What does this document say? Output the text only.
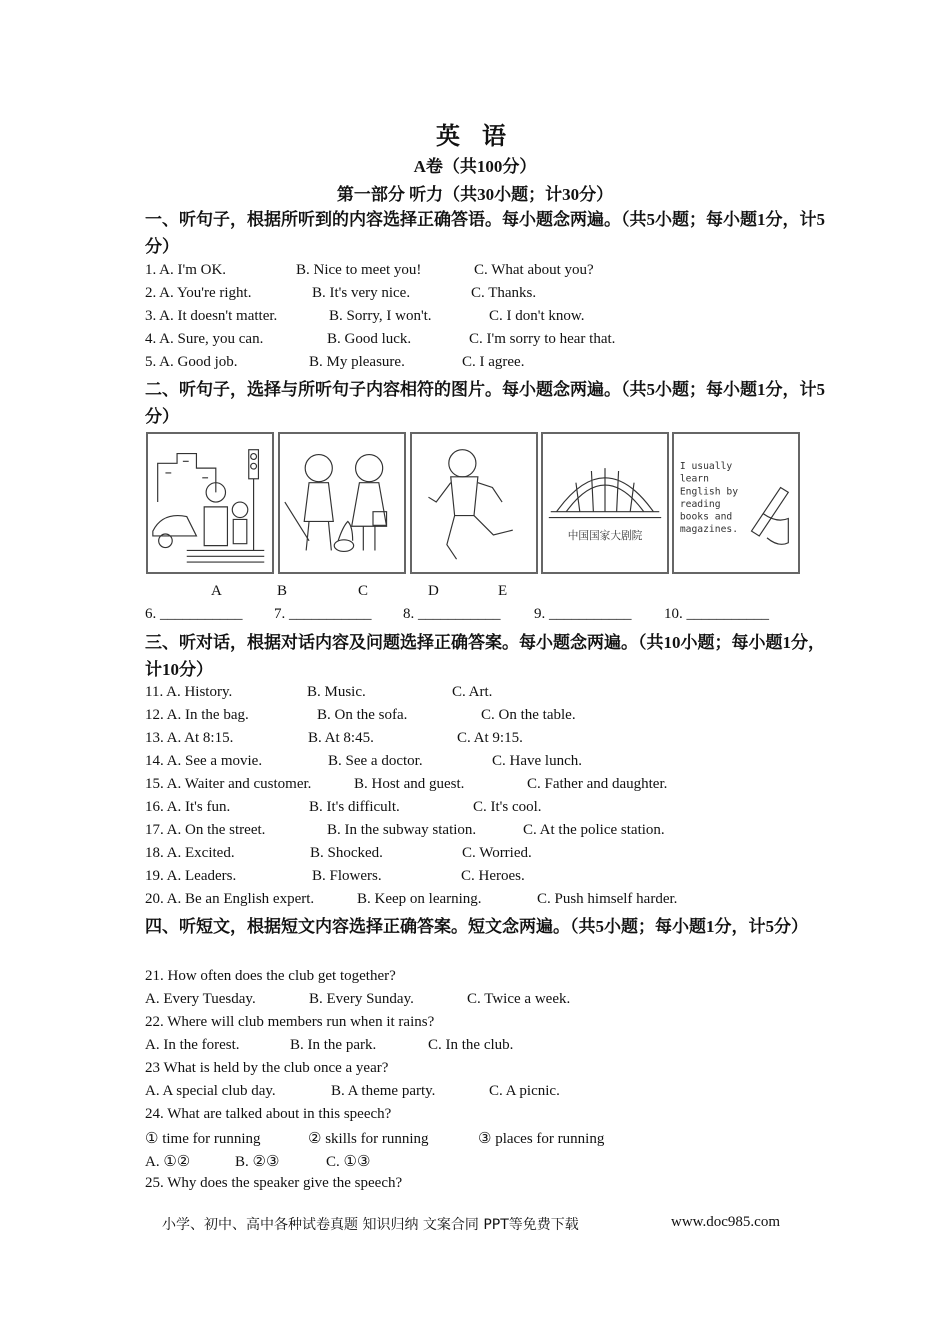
英 语
A卷（共100分）
第一部分 听力（共30小题；计30分）
一、听句子，根据所听到的内容选择正确答语。每小题念两遍。（共5小题；每小题1分，计5分）
1. A. I'm OK.	B. Nice to meet you!	C. What about you?
2. A. You're right.	B. It's very nice.	C. Thanks.
3. A. It doesn't matter.	B. Sorry, I won't.	C. I don't know.
4. A. Sure, you can.	B. Good luck.	C. I'm sorry to hear that.
5. A. Good job.	B. My pleasure.	C. I agree.
二、听句子，选择与所听句子内容相符的图片。每小题念两遍。（共5小题；每小题1分，计5分）
中国国家大剧院
I usually
learn
English by
reading
books and
magazines.
A	B	C	D	E
6. ___________ 7. ___________ 8. ___________ 9. ___________ 10. ___________
三、听对话，根据对话内容及问题选择正确答案。每小题念两遍。（共10小题；每小题1分，计10分）
11. A. History.	B. Music.	C. Art.
12. A. In the bag.	B. On the sofa.	C. On the table.
13. A. At 8:15.	B. At 8:45.	C. At 9:15.
14. A. See a movie.	B. See a doctor.	C. Have lunch.
15. A. Waiter and customer.	B. Host and guest.	C. Father and daughter.
16. A. It's fun.	B. It's difficult.	C. It's cool.
17. A. On the street.	B. In the subway station.	C. At the police station.
18. A. Excited.	B. Shocked.	C. Worried.
19. A. Leaders.	B. Flowers.	C. Heroes.
20. A. Be an English expert.	B. Keep on learning.	C. Push himself harder.
四、听短文，根据短文内容选择正确答案。短文念两遍。（共5小题；每小题1分，计5分）
21. How often does the club get together?
A. Every Tuesday.	B. Every Sunday.	C. Twice a week.
22. Where will club members run when it rains?
A. In the forest.	B. In the park.	C. In the club.
23 What is held by the club once a year?
A. A special club day.	B. A theme party.	C. A picnic.
24. What are talked about in this speech?
① time for running	② skills for running	③ places for running
A. ①②	B. ②③	C. ①③
25. Why does the speaker give the speech?
小学、初中、高中各种试卷真题 知识归纳 文案合同 PPT等免费下载	www.doc985.com
